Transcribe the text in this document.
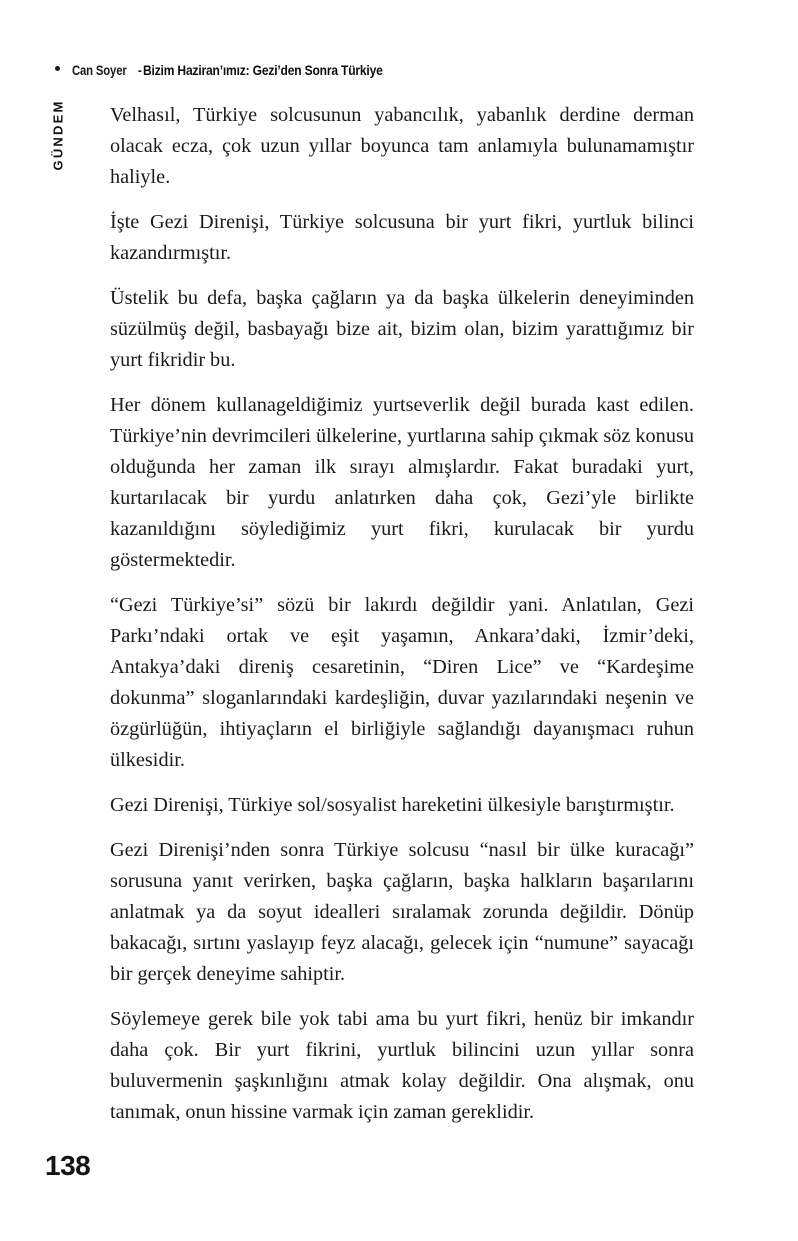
Can Soyer - Bizim Haziran’ımız: Gezi’den Sonra Türkiye
GÜNDEM Velhasıl, Türkiye solcusunun yabancılık, yabanlık derdine derman olacak ecza, çok uzun yıllar boyunca tam anlamıyla bulunamamıştır haliyle.

İşte Gezi Direnişi, Türkiye solcusuna bir yurt fikri, yurtluk bilinci kazandırmıştır.

Üstelik bu defa, başka çağların ya da başka ülkelerin deneyiminden süzülmüş değil, basbayağı bize ait, bizim olan, bizim yarattığımız bir yurt fikridir bu.

Her dönem kullanageldiğimiz yurtseverlik değil burada kast edilen. Türkiye’nin devrimcileri ülkelerine, yurtlarına sahip çıkmak söz konusu olduğunda her zaman ilk sırayı almışlardır. Fakat buradaki yurt, kurtarılacak bir yurdu anlatırken daha çok, Gezi’yle birlikte kazanıldığını söylediğimiz yurt fikri, kurulacak bir yurdu göstermektedir.

“Gezi Türkiye’si” sözü bir lakırdı değildir yani. Anlatılan, Gezi Parkı’ndaki ortak ve eşit yaşamın, Ankara’daki, İzmir’deki, Antakya’daki direniş cesaretinin, “Diren Lice” ve “Kardeşime dokunma” sloganlarındaki kardeşliğin, duvar yazılarındaki neşenin ve özgürlüğün, ihtiyaçların el birliğiyle sağlandığı dayanışmacı ruhun ülkesidir.

Gezi Direnişi, Türkiye sol/sosyalist hareketini ülkesiyle barıştırmıştır.

Gezi Direnişi’nden sonra Türkiye solcusu “nasıl bir ülke kuracağı” sorusuna yanıt verirken, başka çağların, başka halkların başarılarını anlatmak ya da soyut idealleri sıralamak zorunda değildir. Dönüp bakacağı, sırtını yaslayıp feyz alacağı, gelecek için “numune” sayacağı bir gerçek deneyime sahiptir.

Söylemeye gerek bile yok tabi ama bu yurt fikri, henüz bir imkandır daha çok. Bir yurt fikrini, yurtluk bilincini uzun yıllar sonra buluvermenin şaşkınlığını atmak kolay değildir. Ona alışmak, onu tanımak, onun hissine varmak için zaman gereklidir.

138
